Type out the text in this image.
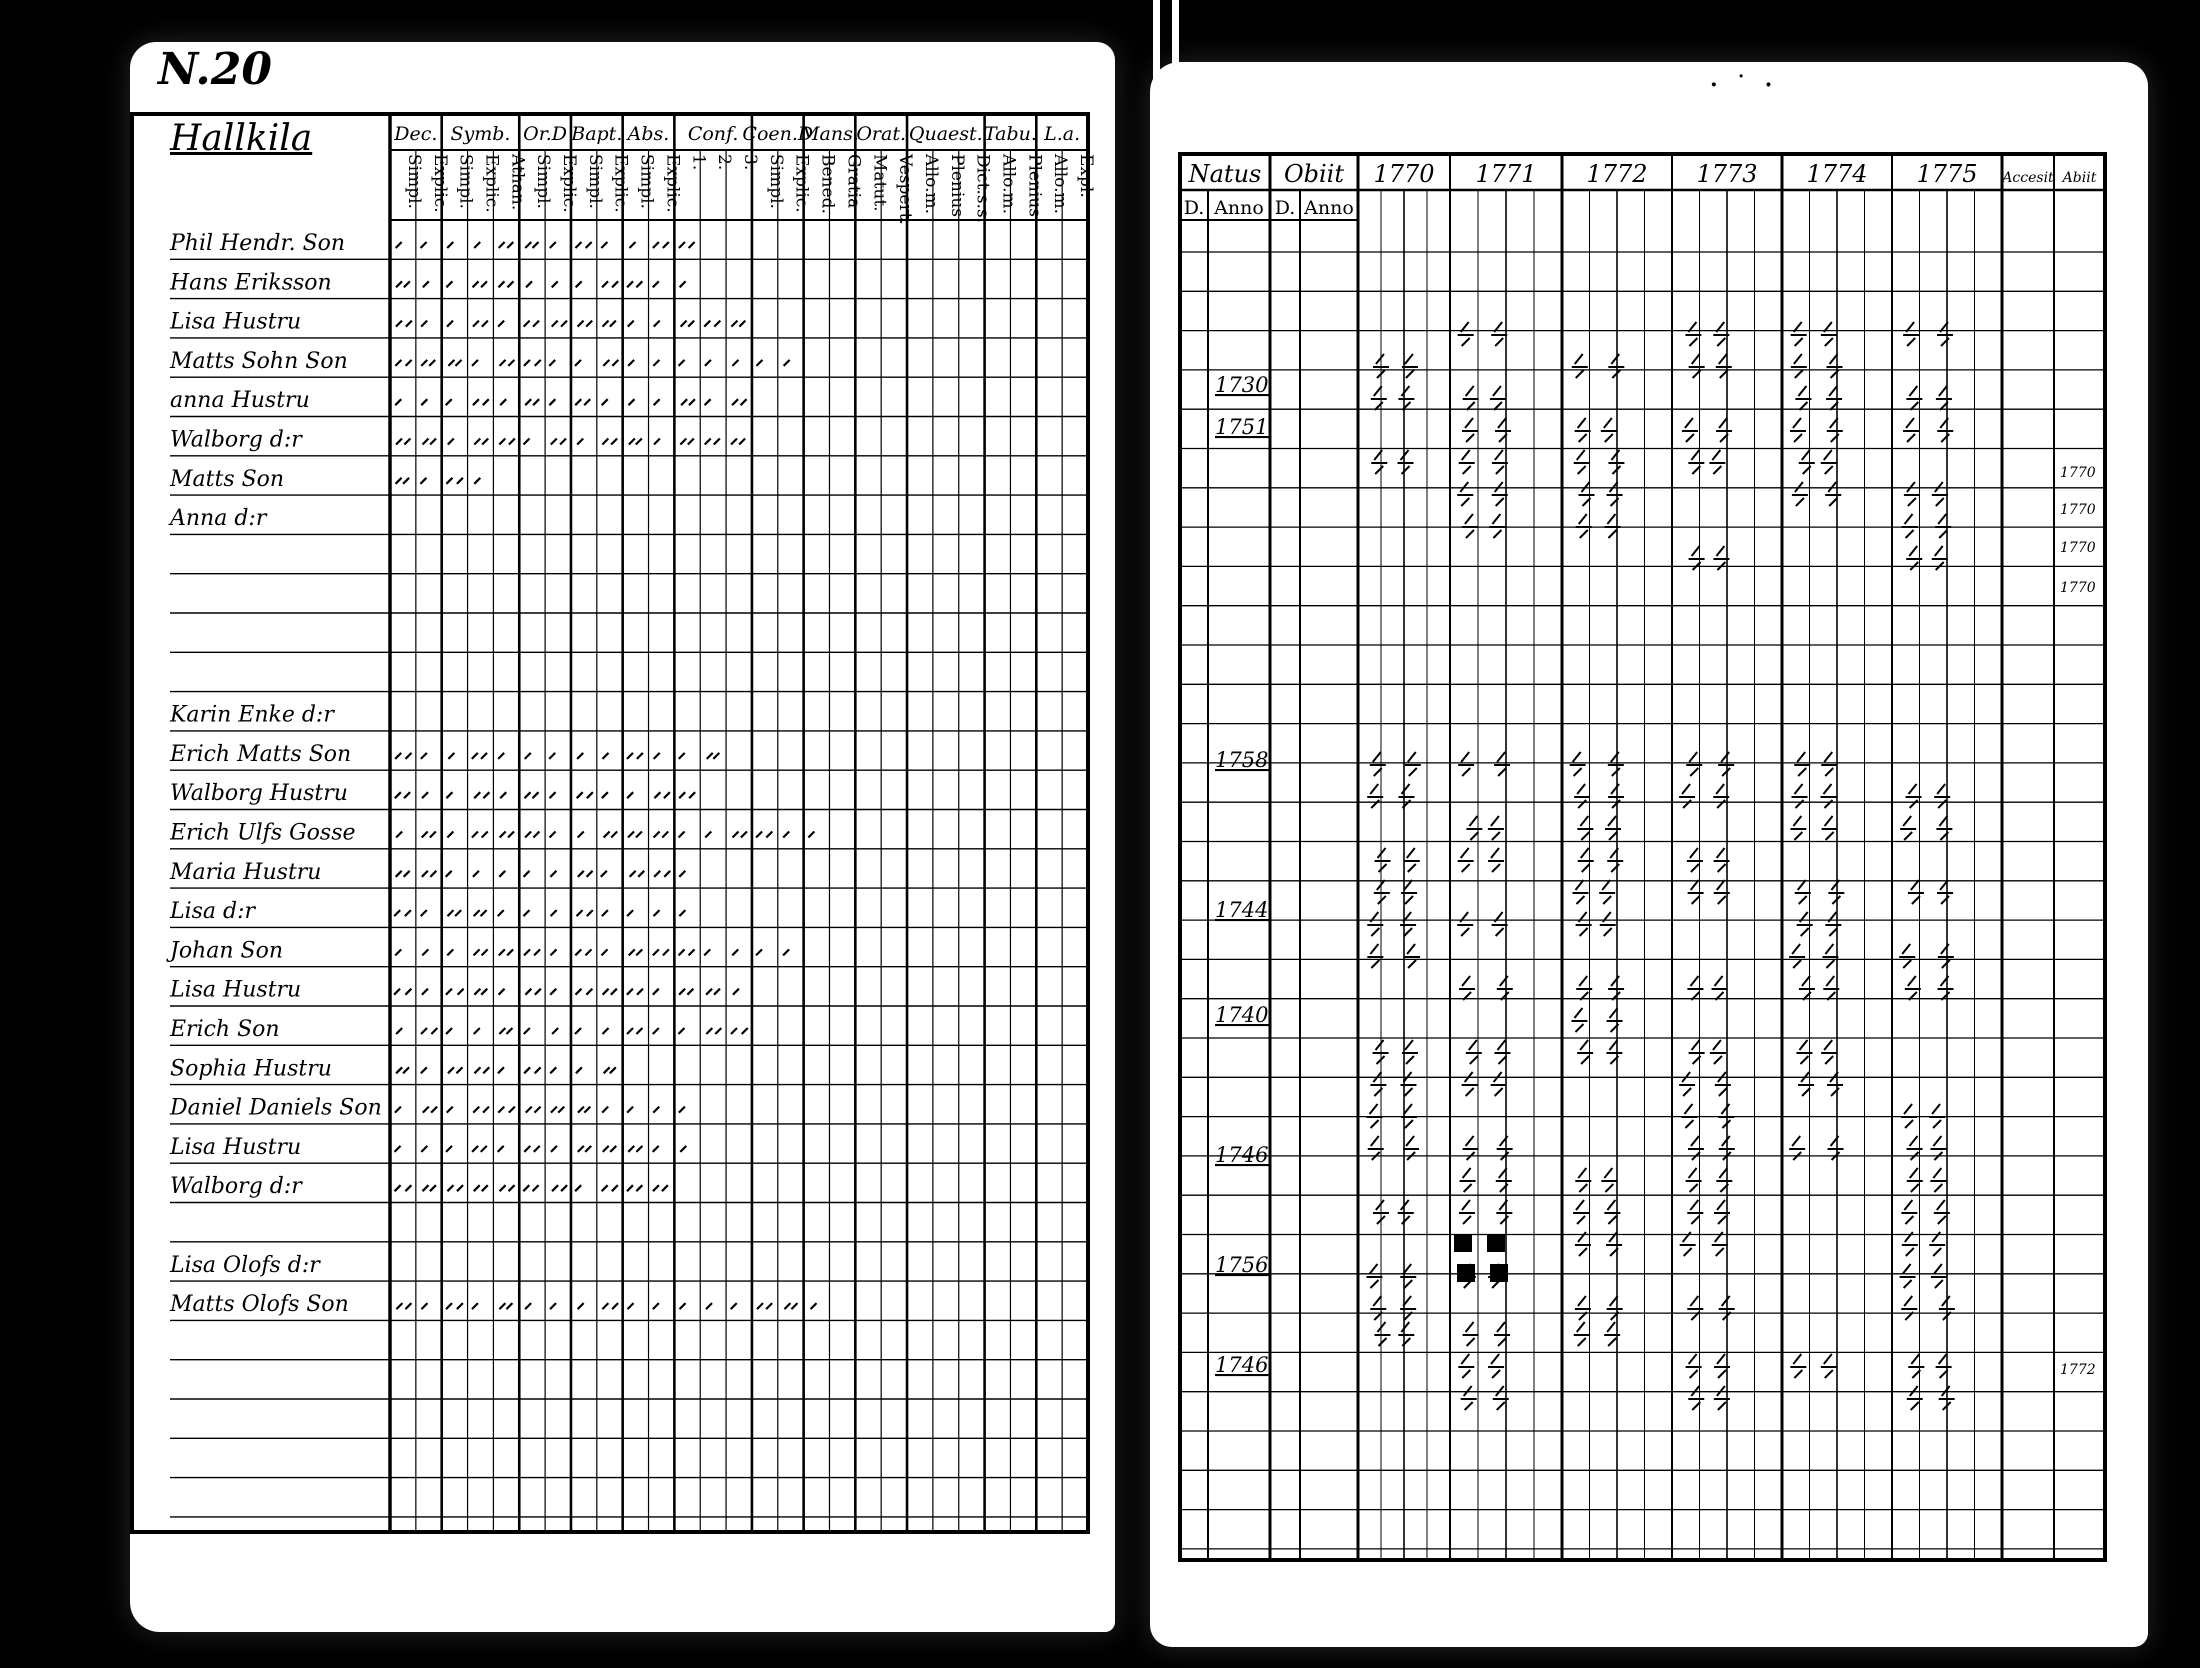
N.20
Hallkila
Simpl. Explic.
Dec.
Simpl. Explic. Athan.
Symb.
Simpl. Explic.
Or.D
Simpl. Explic.
Bapt.
Simpl. Explic.
Abs.
1. 2. 3.
Conf.
Simpl. Explic.
Coen.D
Bened. Gratia
Mans.
Matut. Vespert.
Orat.
Allo.m. Plenius Dict.s.s.
Quaest.
Allo.m. Plenius
Tabu.
Allo.m. Expl.
L.a.
Phil Hendr. Son
Hans Eriksson
Lisa Hustru
Matts Sohn Son
anna Hustru
Walborg d:r
Matts Son
Anna d:r
Karin Enke d:r
Erich Matts Son
Walborg Hustru
Erich Ulfs Gosse
Maria Hustru
Lisa d:r
Johan Son
Lisa Hustru
Erich Son
Sophia Hustru
Daniel Daniels Son
Lisa Hustru
Walborg d:r
Lisa Olofs d:r
Matts Olofs Son
·˙·
Natus Obiit 1770 1771 1772 1773 1774 1775 Accesit Abiit
D. Anno D. Anno
1730
1751
1758
1744
1740
1746
1756
1746
1770
1770
1770
1770
1772
